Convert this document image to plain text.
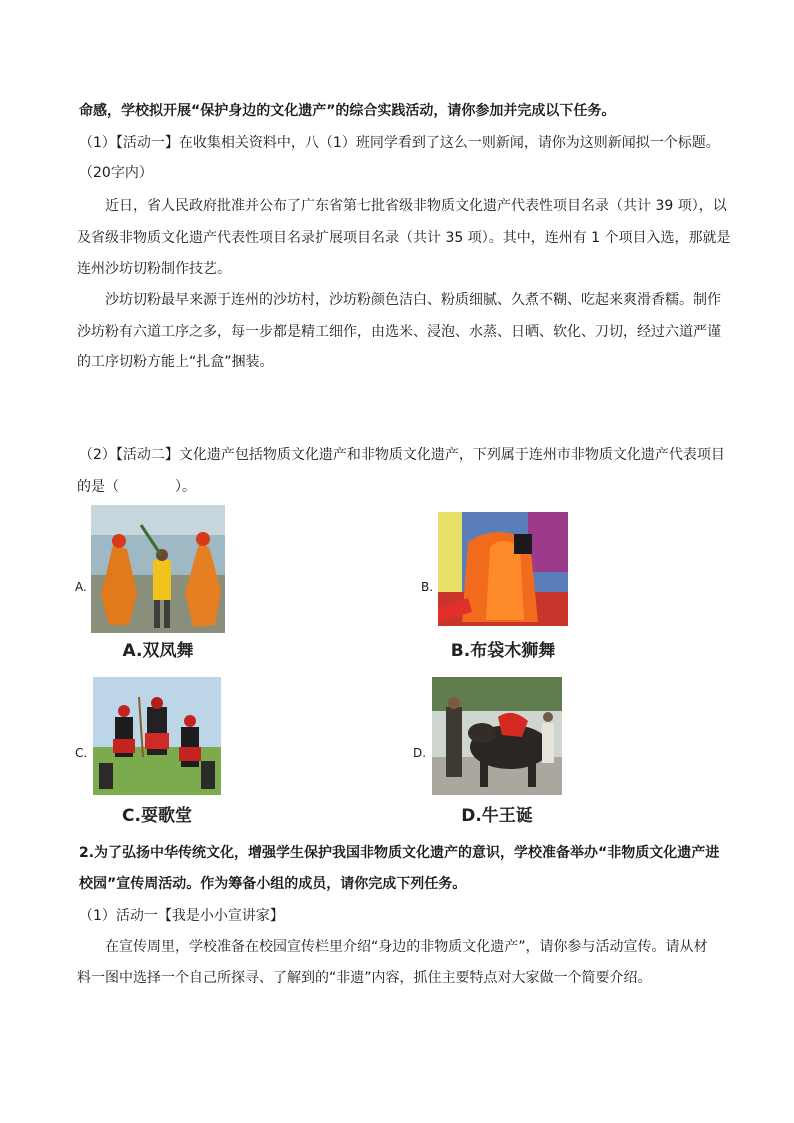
命感，学校拟开展“保护身边的文化遗产”的综合实践活动，请你参加并完成以下任务。
（1）【活动一】在收集相关资料中，八（1）班同学看到了这么一则新闻，请你为这则新闻拟一个标题。
（20字内）
近日，省人民政府批准并公布了广东省第七批省级非物质文化遗产代表性项目名录（共计 39 项），以
及省级非物质文化遗产代表性项目名录扩展项目名录（共计 35 项）。其中，连州有 1 个项目入选，那就是
连州沙坊切粉制作技艺。
沙坊切粉最早来源于连州的沙坊村，沙坊粉颜色洁白、粉质细腻、久煮不糊、吃起来爽滑香糯。制作
沙坊粉有六道工序之多，每一步都是精工细作，由选米、浸泡、水蒸、日晒、软化、刀切，经过六道严谨
的工序切粉方能上“扎盒”捆装。
（2）【活动二】文化遗产包括物质文化遗产和非物质文化遗产，下列属于连州市非物质文化遗产代表项目
的是（　　　　）。
A.
A.双凤舞
B.
B.布袋木狮舞
C.
C.耍歌堂
D.
D.牛王诞
2.为了弘扬中华传统文化，增强学生保护我国非物质文化遗产的意识，学校准备举办“非物质文化遗产进
校园”宣传周活动。作为筹备小组的成员，请你完成下列任务。
（1）活动一【我是小小宣讲家】
在宣传周里，学校准备在校园宣传栏里介绍“身边的非物质文化遗产”，请你参与活动宣传。请从材
料一图中选择一个自己所探寻、了解到的“非遗”内容，抓住主要特点对大家做一个简要介绍。
